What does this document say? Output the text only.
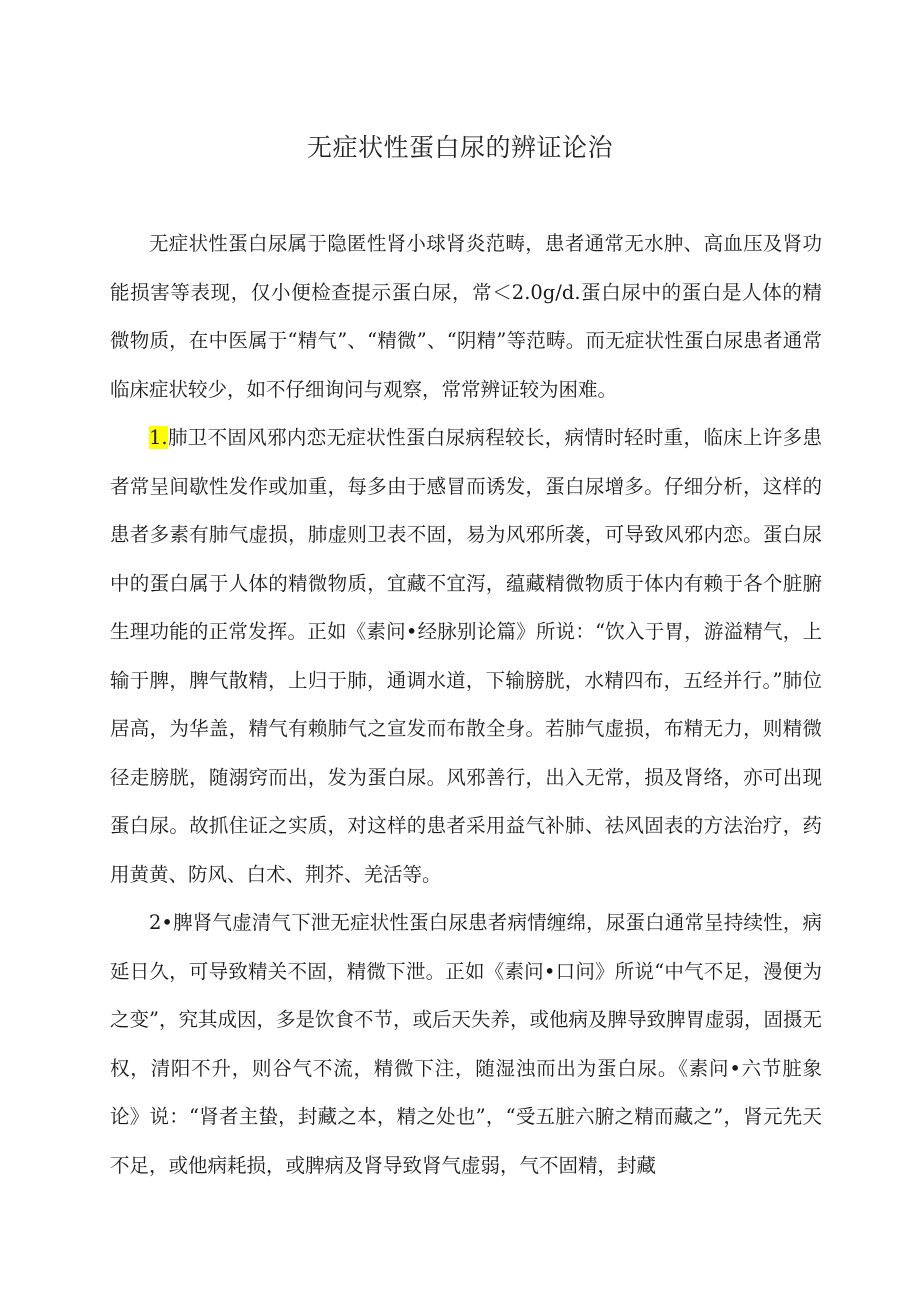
无症状性蛋白尿的辨证论治

无症状性蛋白尿属于隐匿性肾小球肾炎范畴，患者通常无水肿、高血压及肾功能损害等表现，仅小便检查提示蛋白尿，常＜2.0g/d.蛋白尿中的蛋白是人体的精微物质，在中医属于“精气”、“精微”、“阴精”等范畴。而无症状性蛋白尿患者通常临床症状较少，如不仔细询问与观察，常常辨证较为困难。

1.肺卫不固风邪内恋无症状性蛋白尿病程较长，病情时轻时重，临床上许多患者常呈间歇性发作或加重，每多由于感冒而诱发，蛋白尿增多。仔细分析，这样的患者多素有肺气虚损，肺虚则卫表不固，易为风邪所袭，可导致风邪内恋。蛋白尿中的蛋白属于人体的精微物质，宜藏不宜泻，蕴藏精微物质于体内有赖于各个脏腑生理功能的正常发挥。正如《素问•经脉别论篇》所说：“饮入于胃，游溢精气，上输于脾，脾气散精，上归于肺，通调水道，下输膀胱，水精四布，五经并行。”肺位居高，为华盖，精气有赖肺气之宣发而布散全身。若肺气虚损，布精无力，则精微径走膀胱，随溺窍而出，发为蛋白尿。风邪善行，出入无常，损及肾络，亦可出现蛋白尿。故抓住证之实质，对这样的患者采用益气补肺、祛风固表的方法治疗，药用黄黄、防风、白术、荆芥、羌活等。

2•脾肾气虚清气下泄无症状性蛋白尿患者病情缠绵，尿蛋白通常呈持续性，病延日久，可导致精关不固，精微下泄。正如《素问•口问》所说“中气不足，漫便为之变”，究其成因，多是饮食不节，或后天失养，或他病及脾导致脾胃虚弱，固摄无权，清阳不升，则谷气不流，精微下注，随湿浊而出为蛋白尿。《素问•六节脏象论》说：“肾者主蛰，封藏之本，精之处也”，“受五脏六腑之精而藏之”，肾元先天不足，或他病耗损，或脾病及肾导致肾气虚弱，气不固精，封藏
